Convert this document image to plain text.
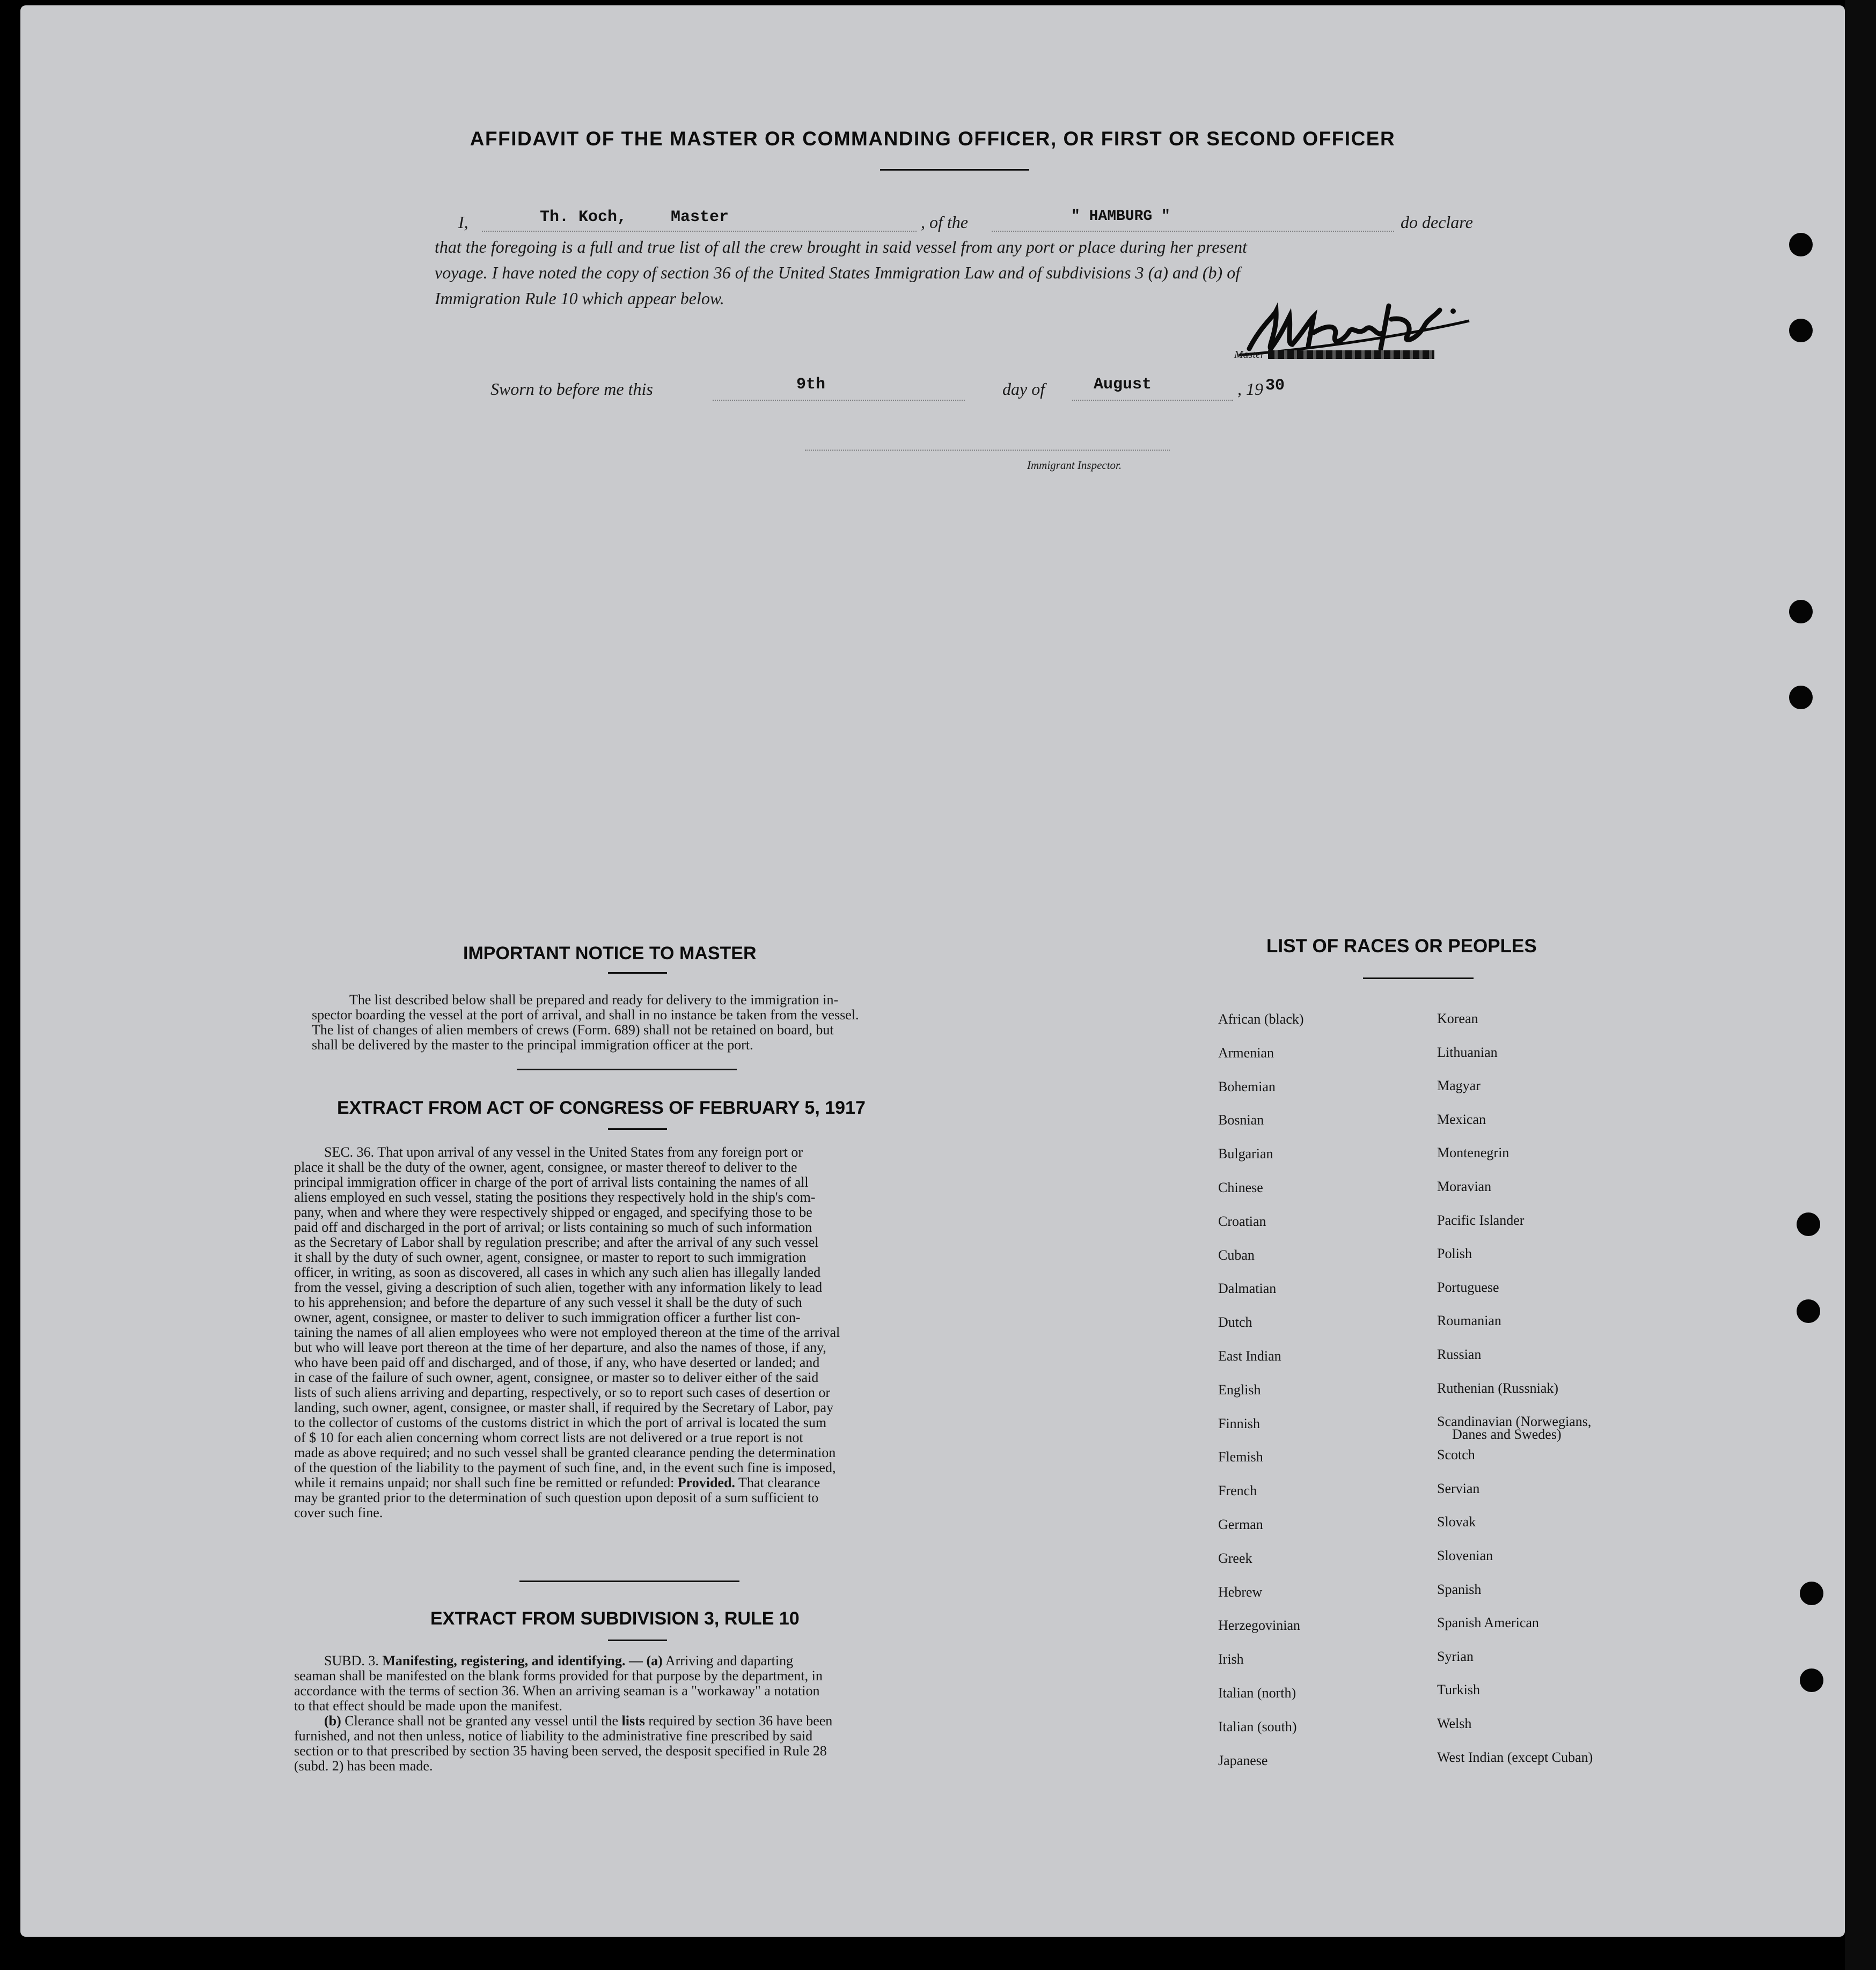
AFFIDAVIT OF THE MASTER OR COMMANDING OFFICER, OR FIRST OR SECOND OFFICER
I,	Th. Koch,	Master	, of the	" HAMBURG "	do declare
that the foregoing is a full and true list of all the crew brought in said vessel from any port or place during her present
voyage. I have noted the copy of section 36 of the United States Immigration Law and of subdivisions 3 (a) and (b) of
Immigration Rule 10 which appear below.
Master
Sworn to before me this	9th	day of	August	, 19 30
Immigrant Inspector.
IMPORTANT NOTICE TO MASTER
The list described below shall be prepared and ready for delivery to the immigration in-
spector boarding the vessel at the port of arrival, and shall in no instance be taken from the vessel.
The list of changes of alien members of crews (Form. 689) shall not be retained on board, but
shall be delivered by the master to the principal immigration officer at the port.
EXTRACT FROM ACT OF CONGRESS OF FEBRUARY 5, 1917
SEC. 36. That upon arrival of any vessel in the United States from any foreign port or
place it shall be the duty of the owner, agent, consignee, or master thereof to deliver to the
principal immigration officer in charge of the port of arrival lists containing the names of all
aliens employed en such vessel, stating the positions they respectively hold in the ship's com-
pany, when and where they were respectively shipped or engaged, and specifying those to be
paid off and discharged in the port of arrival; or lists containing so much of such information
as the Secretary of Labor shall by regulation prescribe; and after the arrival of any such vessel
it shall by the duty of such owner, agent, consignee, or master to report to such immigration
officer, in writing, as soon as discovered, all cases in which any such alien has illegally landed
from the vessel, giving a description of such alien, together with any information likely to lead
to his apprehension; and before the departure of any such vessel it shall be the duty of such
owner, agent, consignee, or master to deliver to such immigration officer a further list con-
taining the names of all alien employees who were not employed thereon at the time of the arrival
but who will leave port thereon at the time of her departure, and also the names of those, if any,
who have been paid off and discharged, and of those, if any, who have deserted or landed; and
in case of the failure of such owner, agent, consignee, or master so to deliver either of the said
lists of such aliens arriving and departing, respectively, or so to report such cases of desertion or
landing, such owner, agent, consignee, or master shall, if required by the Secretary of Labor, pay
to the collector of customs of the customs district in which the port of arrival is located the sum
of $ 10 for each alien concerning whom correct lists are not delivered or a true report is not
made as above required; and no such vessel shall be granted clearance pending the determination
of the question of the liability to the payment of such fine, and, in the event such fine is imposed,
while it remains unpaid; nor shall such fine be remitted or refunded: Provided. That clearance
may be granted prior to the determination of such question upon deposit of a sum sufficient to
cover such fine.
EXTRACT FROM SUBDIVISION 3, RULE 10
SUBD. 3. Manifesting, registering, and identifying. — (a) Arriving and daparting
seaman shall be manifested on the blank forms provided for that purpose by the department, in
accordance with the terms of section 36. When an arriving seaman is a "workaway" a notation
to that effect should be made upon the manifest.
(b) Clerance shall not be granted any vessel until the lists required by section 36 have been
furnished, and not then unless, notice of liability to the administrative fine prescribed by said
section or to that prescribed by section 35 having been served, the desposit specified in Rule 28
(subd. 2) has been made.
LIST OF RACES OR PEOPLES
African (black)
Armenian
Bohemian
Bosnian
Bulgarian
Chinese
Croatian
Cuban
Dalmatian
Dutch
East Indian
English
Finnish
Flemish
French
German
Greek
Hebrew
Herzegovinian
Irish
Italian (north)
Italian (south)
Japanese
Korean
Lithuanian
Magyar
Mexican
Montenegrin
Moravian
Pacific Islander
Polish
Portuguese
Roumanian
Russian
Ruthenian (Russniak)
Scandinavian (Norwegians,
Danes and Swedes)
Scotch
Servian
Slovak
Slovenian
Spanish
Spanish American
Syrian
Turkish
Welsh
West Indian (except Cuban)
